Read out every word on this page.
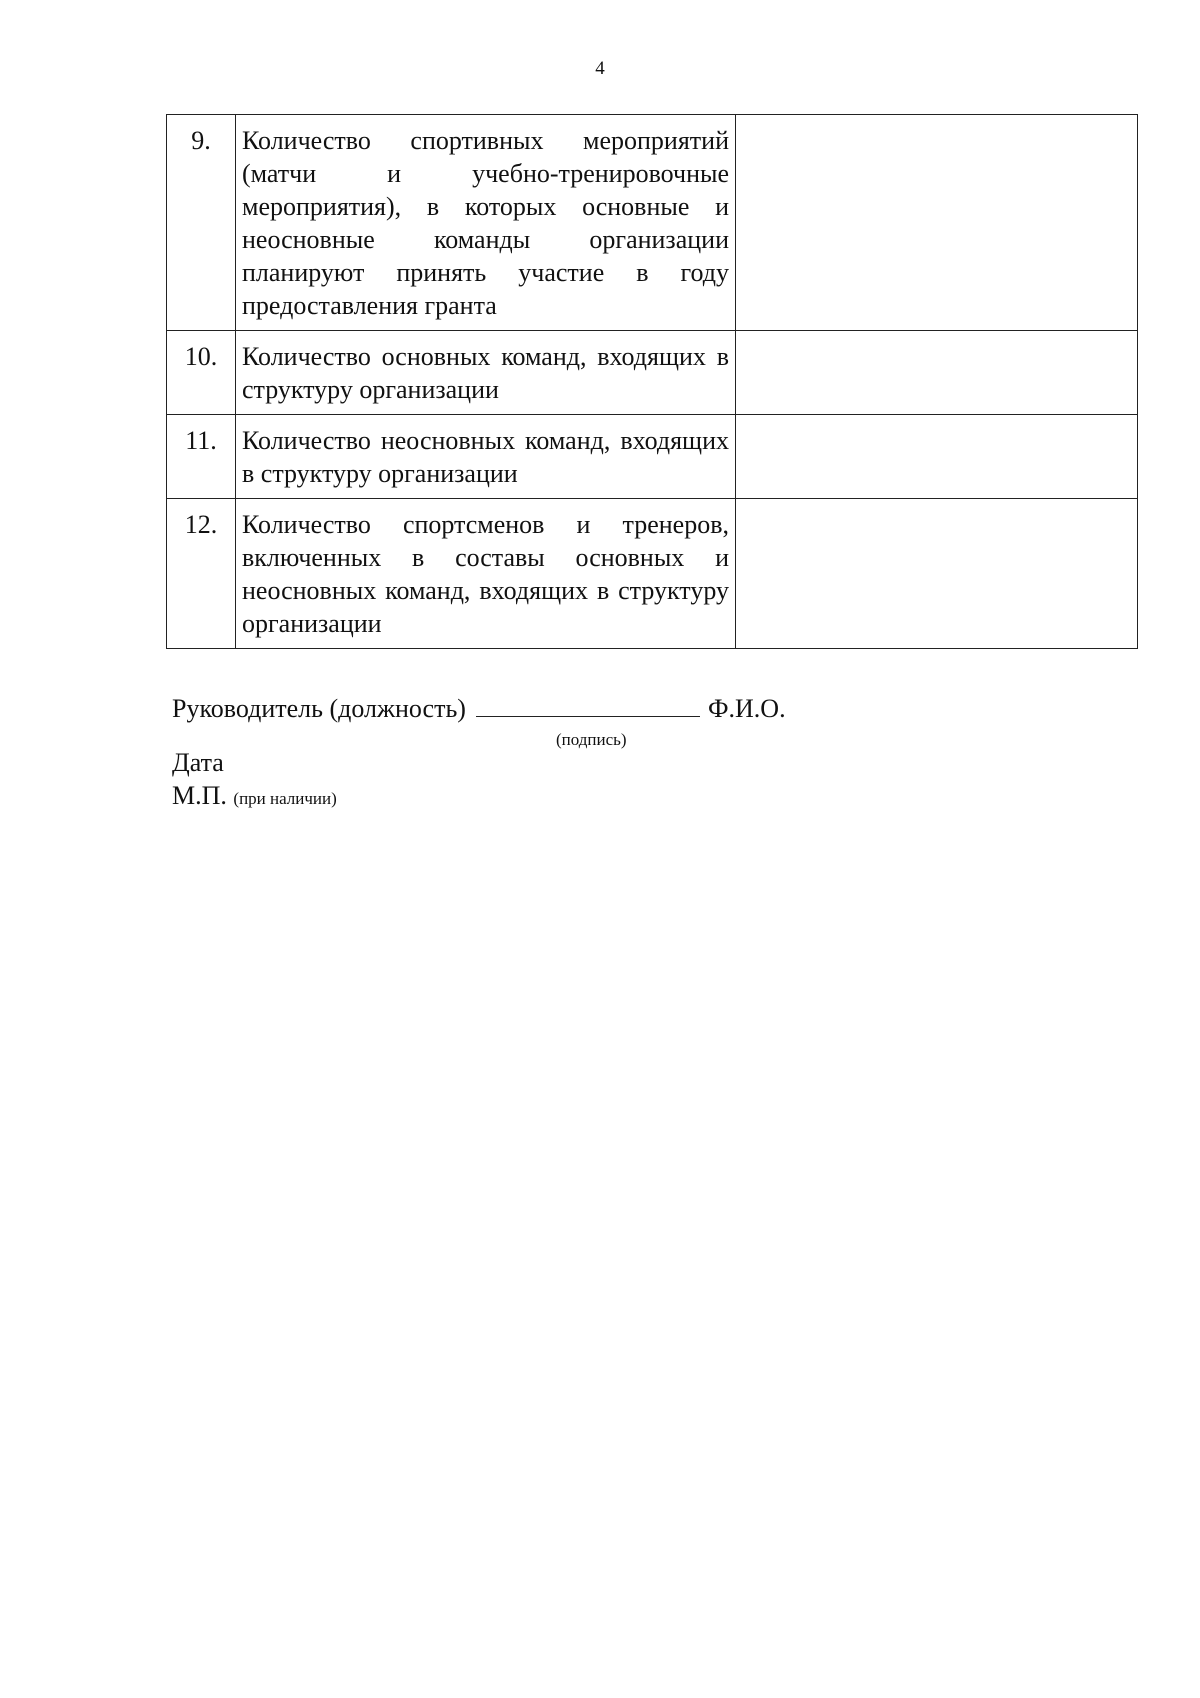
4
9.	Количество спортивных мероприятий (матчи и учебно-тренировочные мероприятия), в которых основные и неосновные команды организации планируют принять участие в году предоставления гранта	
10.	Количество основных команд, входящих в структуру организации	
11.	Количество неосновных команд, входящих в структуру организации	
12.	Количество спортсменов и тренеров, включенных в составы основных и неосновных команд, входящих в структуру организации	
Руководитель (должность)	Ф.И.О.
(подпись)
Дата
М.П. (при наличии)
